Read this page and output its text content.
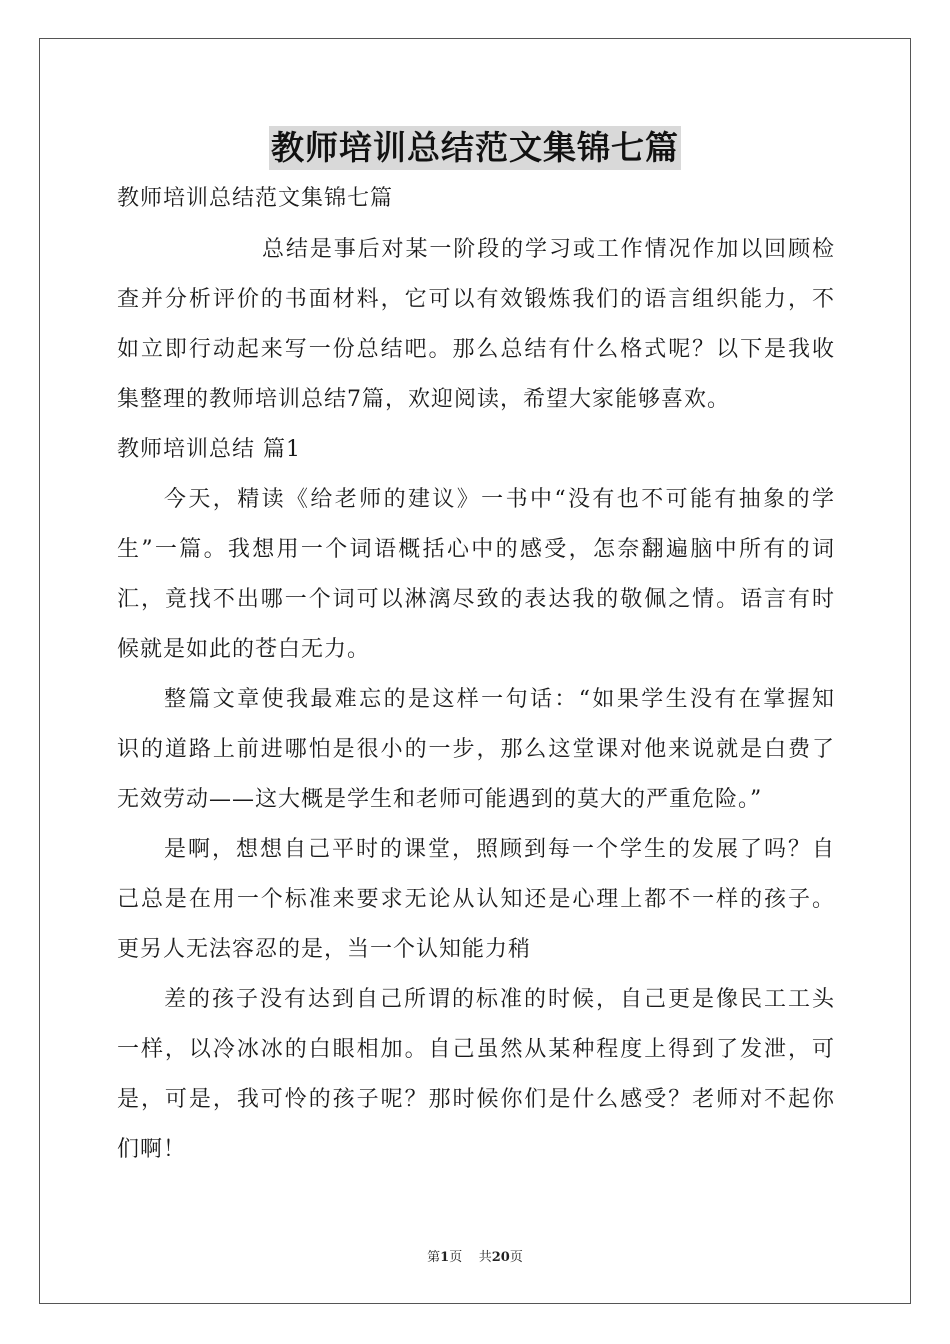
教师培训总结范文集锦七篇
教师培训总结范文集锦七篇
总结是事后对某一阶段的学习或工作情况作加以回顾检
查并分析评价的书面材料，它可以有效锻炼我们的语言组织能力，不
如立即行动起来写一份总结吧。那么总结有什么格式呢？以下是我收
集整理的教师培训总结7篇，欢迎阅读，希望大家能够喜欢。
教师培训总结 篇1
今天，精读《给老师的建议》一书中“没有也不可能有抽象的学
生”一篇。我想用一个词语概括心中的感受，怎奈翻遍脑中所有的词
汇，竟找不出哪一个词可以淋漓尽致的表达我的敬佩之情。语言有时
候就是如此的苍白无力。
整篇文章使我最难忘的是这样一句话：“如果学生没有在掌握知
识的道路上前进哪怕是很小的一步，那么这堂课对他来说就是白费了
无效劳动——这大概是学生和老师可能遇到的莫大的严重危险。”
是啊，想想自己平时的课堂，照顾到每一个学生的发展了吗？自
己总是在用一个标准来要求无论从认知还是心理上都不一样的孩子。
更另人无法容忍的是，当一个认知能力稍
差的孩子没有达到自己所谓的标准的时候，自己更是像民工工头
一样，以冷冰冰的白眼相加。自己虽然从某种程度上得到了发泄，可
是，可是，我可怜的孩子呢？那时候你们是什么感受？老师对不起你
们啊！
第1页    共20页
